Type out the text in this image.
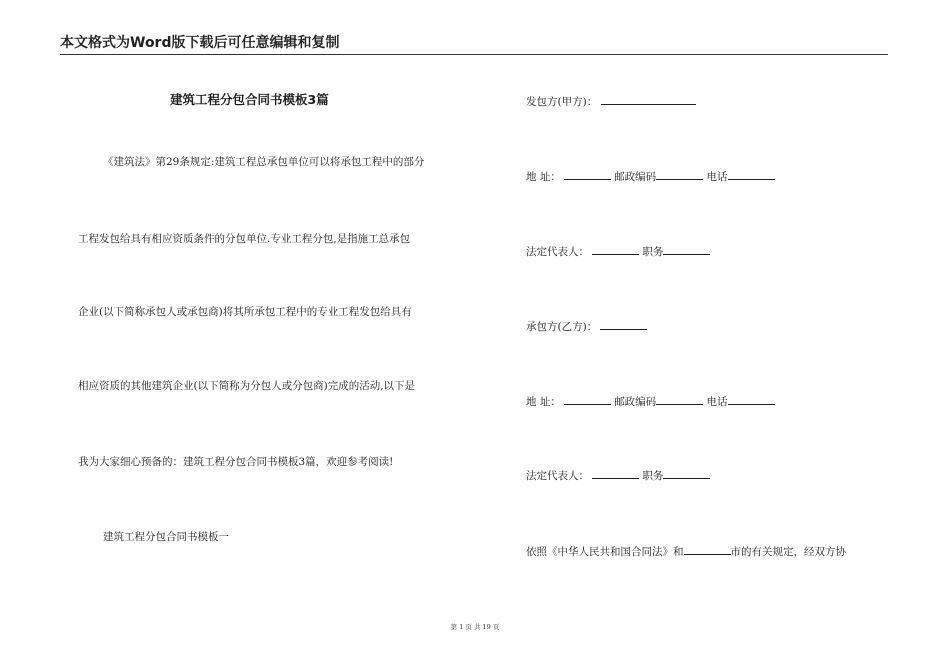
本文格式为Word版下载后可任意编辑和复制
建筑工程分包合同书模板3篇
《建筑法》第29条规定:建筑工程总承包单位可以将承包工程中的部分
工程发包给具有相应资质条件的分包单位.专业工程分包,是指施工总承包
企业(以下简称承包人或承包商)将其所承包工程中的专业工程发包给具有
相应资质的其他建筑企业(以下简称为分包人或分包商)完成的活动,以下是
我为大家细心预备的：建筑工程分包合同书模板3篇，欢迎参考阅读!
建筑工程分包合同书模板一
发包方(甲方)：
地 址：	邮政编码	电话
法定代表人：	职务
承包方(乙方)：
地 址：	邮政编码	电话
法定代表人：	职务
依照《中华人民共和国合同法》和	市的有关规定，经双方协
第 1 页 共 19 页
